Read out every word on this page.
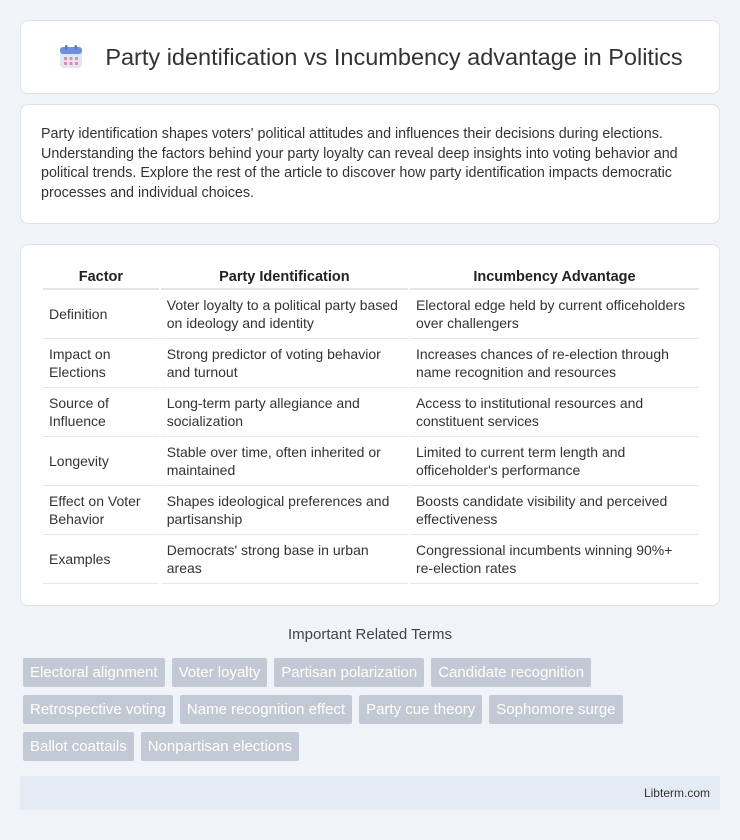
Party identification vs Incumbency advantage in Politics

Party identification shapes voters' political attitudes and influences their decisions during elections. Understanding the factors behind your party loyalty can reveal deep insights into voting behavior and political trends. Explore the rest of the article to discover how party identification impacts democratic processes and individual choices.

Factor	Party Identification	Incumbency Advantage
Definition	Voter loyalty to a political party based on ideology and identity	Electoral edge held by current officeholders over challengers
Impact on Elections	Strong predictor of voting behavior and turnout	Increases chances of re-election through name recognition and resources
Source of Influence	Long-term party allegiance and socialization	Access to institutional resources and constituent services
Longevity	Stable over time, often inherited or maintained	Limited to current term length and officeholder's performance
Effect on Voter Behavior	Shapes ideological preferences and partisanship	Boosts candidate visibility and perceived effectiveness
Examples	Democrats' strong base in urban areas	Congressional incumbents winning 90%+ re-election rates
Important Related Terms
Electoral alignment	Voter loyalty	Partisan polarization	Candidate recognition
Retrospective voting	Name recognition effect	Party cue theory	Sophomore surge
Ballot coattails	Nonpartisan elections
Libterm.com
